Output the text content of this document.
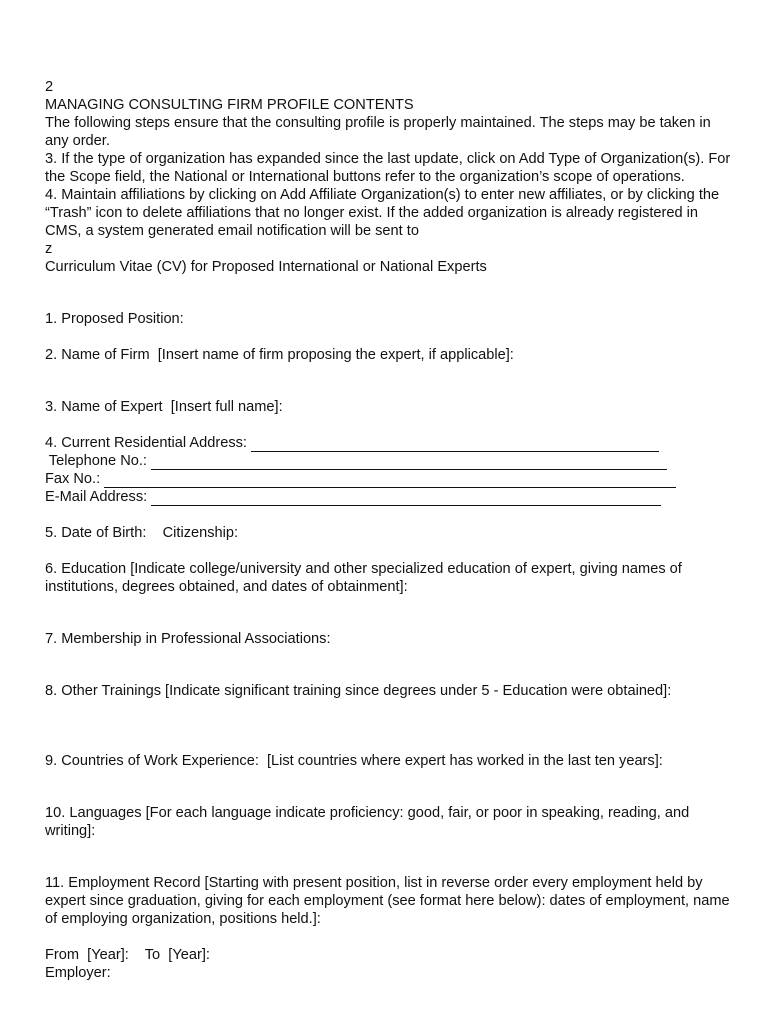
2
MANAGING CONSULTING FIRM PROFILE CONTENTS
The following steps ensure that the consulting profile is properly maintained. The steps may be taken in any order.
3. If the type of organization has expanded since the last update, click on Add Type of Organization(s). For the Scope field, the National or International buttons refer to the organization’s scope of operations.
4. Maintain affiliations by clicking on Add Affiliate Organization(s) to enter new affiliates, or by clicking the “Trash” icon to delete affiliations that no longer exist. If the added organization is already registered in CMS, a system generated email notification will be sent to
z
Curriculum Vitae (CV) for Proposed International or National Experts
1. Proposed Position:
2. Name of Firm  [Insert name of firm proposing the expert, if applicable]:
3. Name of Expert  [Insert full name]:
4. Current Residential Address:
Telephone No.:
Fax No.:
E-Mail Address:
5. Date of Birth:    Citizenship:
6. Education [Indicate college/university and other specialized education of expert, giving names of institutions, degrees obtained, and dates of obtainment]:
7. Membership in Professional Associations:
8. Other Trainings [Indicate significant training since degrees under 5 - Education were obtained]:
9. Countries of Work Experience:  [List countries where expert has worked in the last ten years]:
10. Languages [For each language indicate proficiency: good, fair, or poor in speaking, reading, and writing]:
11. Employment Record [Starting with present position, list in reverse order every employment held by expert since graduation, giving for each employment (see format here below): dates of employment, name of employing organization, positions held.]:
From  [Year]:    To  [Year]:
Employer:
